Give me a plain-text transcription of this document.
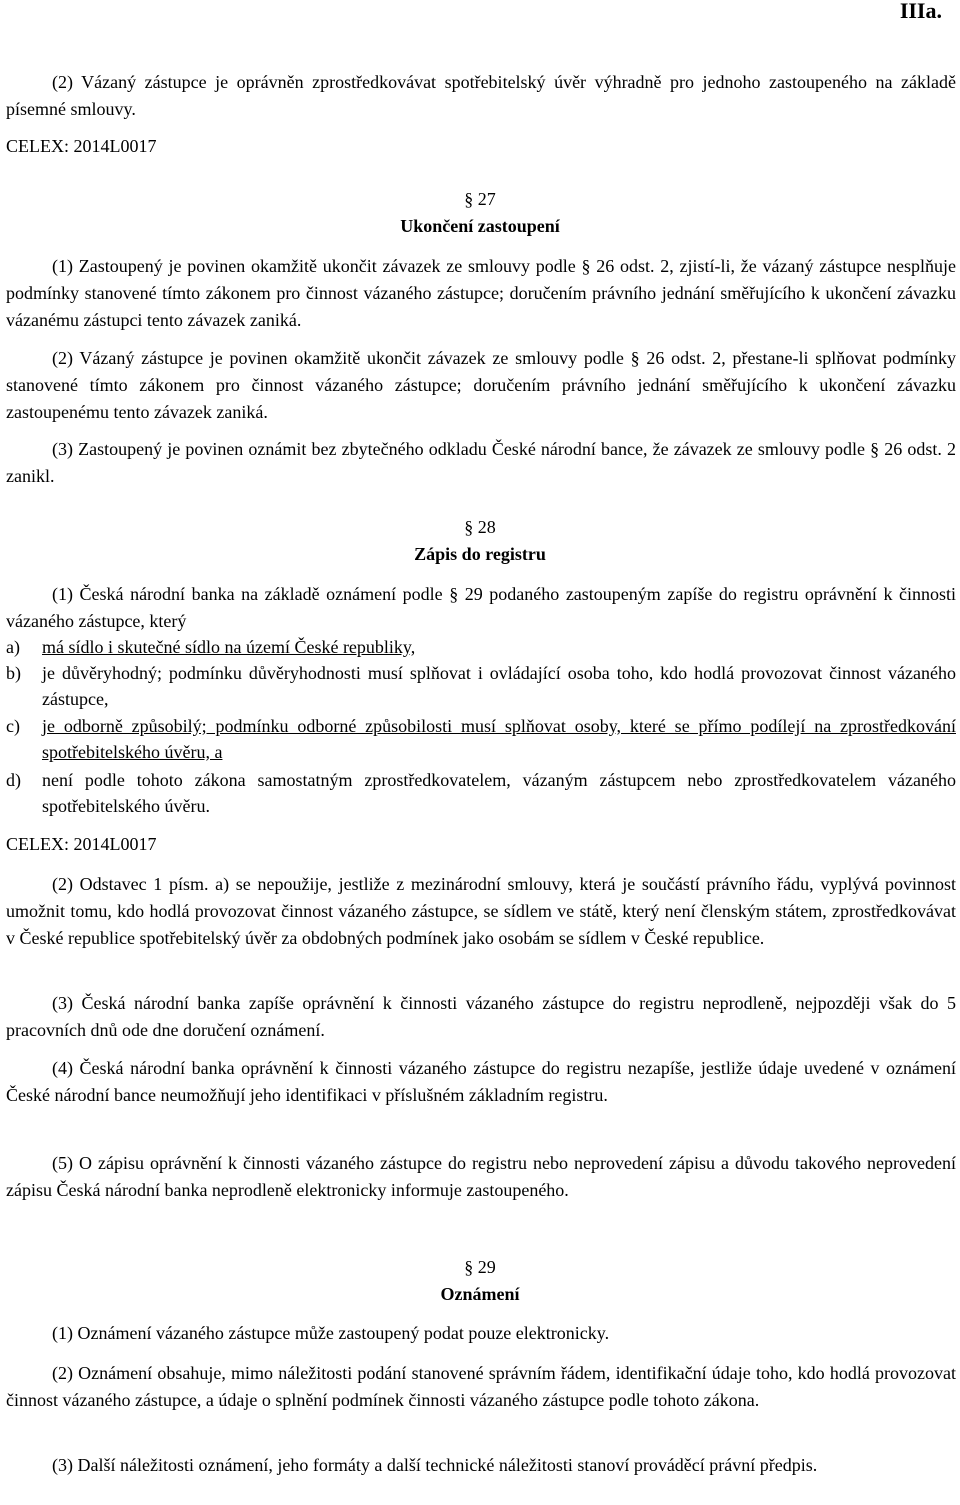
IIIa.
(2) Vázaný zástupce je oprávněn zprostředkovávat spotřebitelský úvěr výhradně pro jednoho zastoupeného na základě písemné smlouvy.
CELEX: 2014L0017
§ 27
Ukončení zastoupení
(1) Zastoupený je povinen okamžitě ukončit závazek ze smlouvy podle § 26 odst. 2, zjistí-li, že vázaný zástupce nesplňuje podmínky stanovené tímto zákonem pro činnost vázaného zástupce; doručením právního jednání směřujícího k ukončení závazku vázanému zástupci tento závazek zaniká.
(2) Vázaný zástupce je povinen okamžitě ukončit závazek ze smlouvy podle § 26 odst. 2, přestane-li splňovat podmínky stanovené tímto zákonem pro činnost vázaného zástupce; doručením právního jednání směřujícího k ukončení závazku zastoupenému tento závazek zaniká.
(3) Zastoupený je povinen oznámit bez zbytečného odkladu České národní bance, že závazek ze smlouvy podle § 26 odst. 2 zanikl.
§ 28
Zápis do registru
(1) Česká národní banka na základě oznámení podle § 29 podaného zastoupeným zapíše do registru oprávnění k činnosti vázaného zástupce, který
a)	má sídlo i skutečné sídlo na území České republiky,
b)	je důvěryhodný; podmínku důvěryhodnosti musí splňovat i ovládající osoba toho, kdo hodlá provozovat činnost vázaného zástupce,
c)	je odborně způsobilý; podmínku odborné způsobilosti musí splňovat osoby, které se přímo podílejí na zprostředkování spotřebitelského úvěru, a
d)	není podle tohoto zákona samostatným zprostředkovatelem, vázaným zástupcem nebo zprostředkovatelem vázaného spotřebitelského úvěru.
CELEX: 2014L0017
(2) Odstavec 1 písm. a) se nepoužije, jestliže z mezinárodní smlouvy, která je součástí právního řádu, vyplývá povinnost umožnit tomu, kdo hodlá provozovat činnost vázaného zástupce, se sídlem ve státě, který není členským státem, zprostředkovávat v České republice spotřebitelský úvěr za obdobných podmínek jako osobám se sídlem v České republice.
(3) Česká národní banka zapíše oprávnění k činnosti vázaného zástupce do registru neprodleně, nejpozději však do 5 pracovních dnů ode dne doručení oznámení.
(4) Česká národní banka oprávnění k činnosti vázaného zástupce do registru nezapíše, jestliže údaje uvedené v oznámení České národní bance neumožňují jeho identifikaci v příslušném základním registru.
(5) O zápisu oprávnění k činnosti vázaného zástupce do registru nebo neprovedení zápisu a důvodu takového neprovedení zápisu Česká národní banka neprodleně elektronicky informuje zastoupeného.
§ 29
Oznámení
(1) Oznámení vázaného zástupce může zastoupený podat pouze elektronicky.
(2) Oznámení obsahuje, mimo náležitosti podání stanovené správním řádem, identifikační údaje toho, kdo hodlá provozovat činnost vázaného zástupce, a údaje o splnění podmínek činnosti vázaného zástupce podle tohoto zákona.
(3) Další náležitosti oznámení, jeho formáty a další technické náležitosti stanoví prováděcí právní předpis.
